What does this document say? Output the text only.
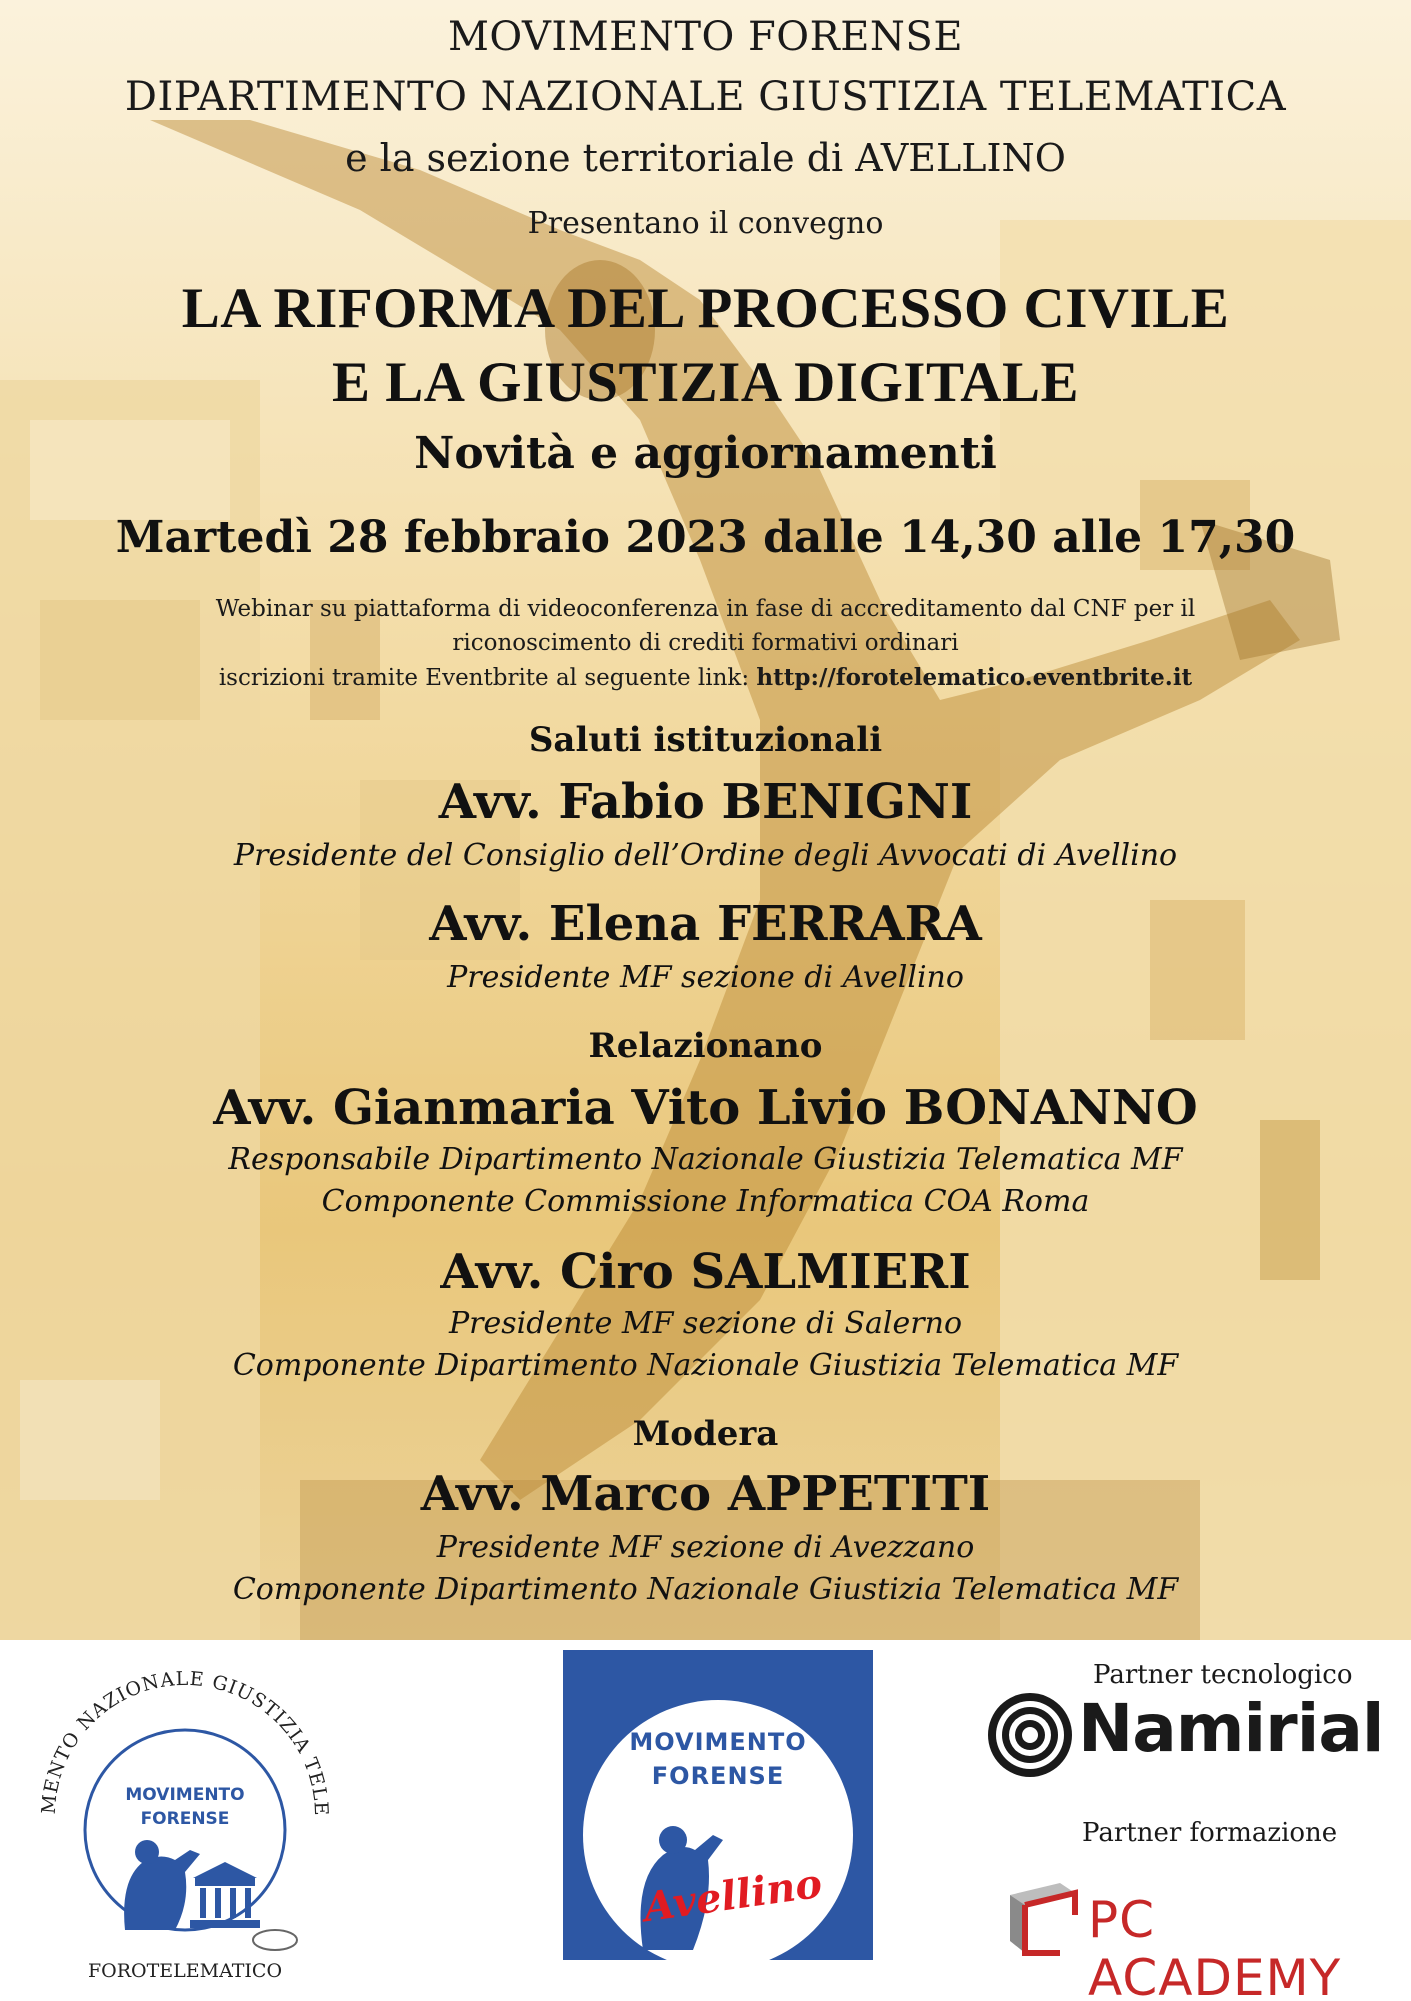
MOVIMENTO FORENSE
DIPARTIMENTO NAZIONALE GIUSTIZIA TELEMATICA
e la sezione territoriale di AVELLINO
Presentano il convegno
LA RIFORMA DEL PROCESSO CIVILE
E LA GIUSTIZIA DIGITALE
Novità e aggiornamenti
Martedì 28 febbraio 2023 dalle 14,30 alle 17,30
Webinar su piattaforma di videoconferenza in fase di accreditamento dal CNF per il
riconoscimento di crediti formativi ordinari
iscrizioni tramite Eventbrite al seguente link: http://forotelematico.eventbrite.it
Saluti istituzionali
Avv. Fabio BENIGNI
Presidente del Consiglio dell’Ordine degli Avvocati di Avellino
Avv. Elena FERRARA
Presidente MF sezione di Avellino
Relazionano
Avv. Gianmaria Vito Livio BONANNO
Responsabile Dipartimento Nazionale Giustizia Telematica MF
Componente Commissione Informatica COA Roma
Avv. Ciro SALMIERI
Presidente MF sezione di Salerno
Componente Dipartimento Nazionale Giustizia Telematica MF
Modera
Avv. Marco APPETITI
Presidente MF sezione di Avezzano
Componente Dipartimento Nazionale Giustizia Telematica MF
MENTO NAZIONALE GIUSTIZIA TELE
MOVIMENTO
FORENSE
FOROTELEMATICO
MOVIMENTO
FORENSE
Avellino
Partner tecnologico
Namirial
Partner formazione
PC ACADEMY
